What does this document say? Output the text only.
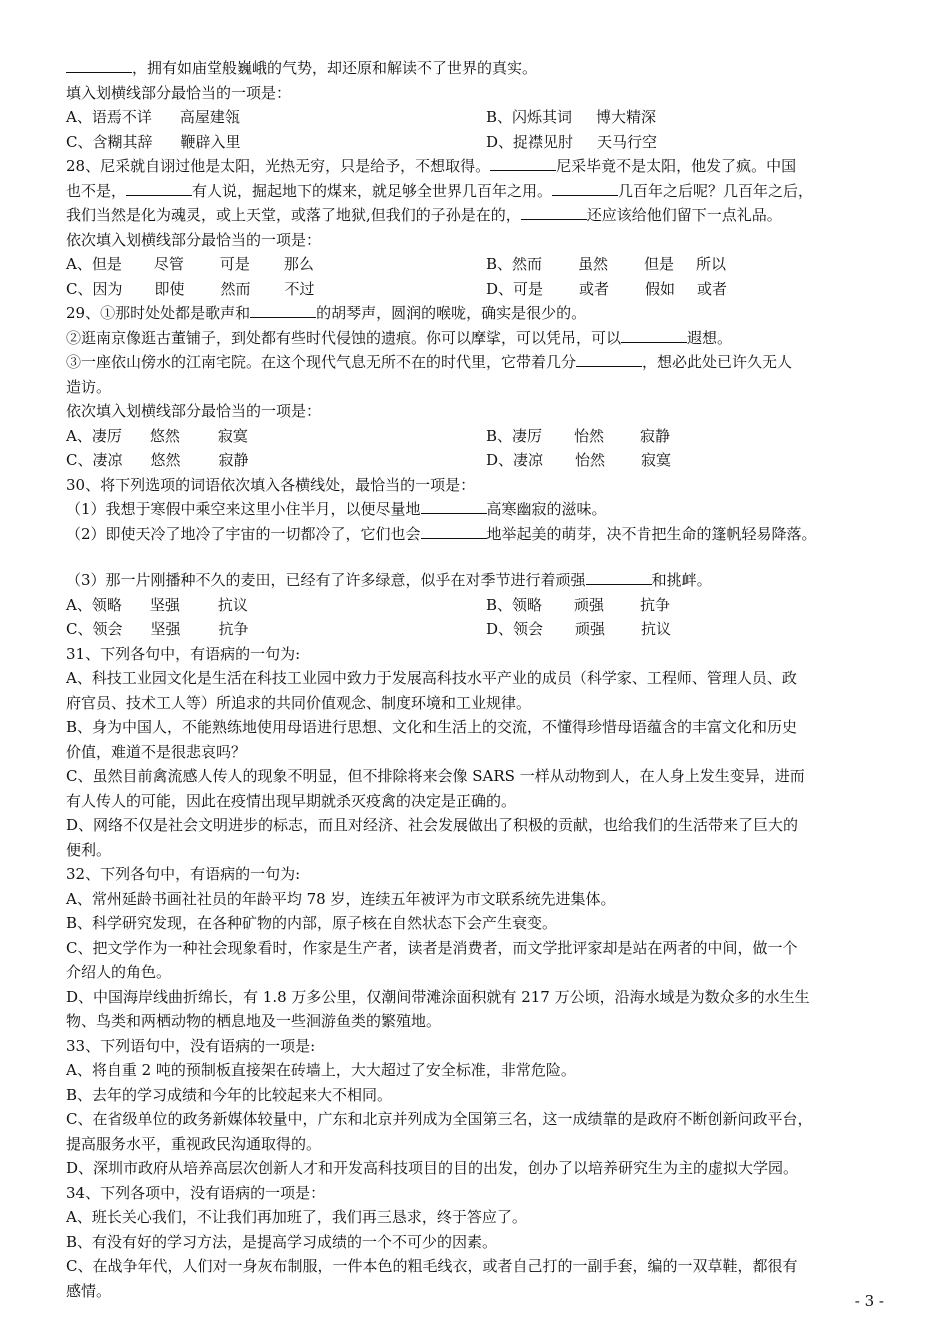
，拥有如庙堂般巍峨的气势，却还原和解读不了世界的真实。
填入划横线部分最恰当的一项是：
A、语焉不详 高屋建瓴	B、闪烁其词 博大精深
C、含糊其辞 鞭辟入里	D、捉襟见肘 天马行空
28、尼采就自诩过他是太阳，光热无穷，只是给予，不想取得。	尼采毕竟不是太阳，他发了疯。中国
也不是，	有人说，掘起地下的煤来，就足够全世界几百年之用。	几百年之后呢？几百年之后，
我们当然是化为魂灵，或上天堂，或落了地狱,但我们的子孙是在的，	还应该给他们留下一点礼品。
依次填入划横线部分最恰当的一项是：
A、但是 尽管 可是 那么	B、然而 虽然 但是 所以
C、因为 即使 然而 不过	D、可是 或者 假如 或者
29、①那时处处都是歌声和	的胡琴声，圆润的喉咙，确实是很少的。
②逛南京像逛古董铺子，到处都有些时代侵蚀的遗痕。你可以摩挲，可以凭吊，可以	遐想。
③一座依山傍水的江南宅院。在这个现代气息无所不在的时代里，它带着几分	，想必此处已许久无人
造访。
依次填入划横线部分最恰当的一项是：
A、凄厉 悠然	寂寞	B、凄厉 怡然 寂静
C、凄凉 悠然	寂静	D、凄凉 怡然 寂寞
30、将下列选项的词语依次填入各横线处，最恰当的一项是：
（1）我想于寒假中乘空来这里小住半月，以便尽量地	高寒幽寂的滋味。
（2）即使天冷了地冷了宇宙的一切都冷了，它们也会	地举起美的萌芽，决不肯把生命的篷帆轻易降落。
（3）那一片刚播种不久的麦田，已经有了许多绿意，似乎在对季节进行着顽强	和挑衅。
A、领略 坚强	抗议	B、领略 顽强 抗争
C、领会 坚强	抗争	D、领会 顽强 抗议
31、下列各句中，有语病的一句为:
A、科技工业园文化是生活在科技工业园中致力于发展高科技水平产业的成员（科学家、工程师、管理人员、政
府官员、技术工人等）所追求的共同价值观念、制度环境和工业规律。
B、身为中国人，不能熟练地使用母语进行思想、文化和生活上的交流，不懂得珍惜母语蕴含的丰富文化和历史
价值，难道不是很悲哀吗？
C、虽然目前禽流感人传人的现象不明显，但不排除将来会像 SARS 一样从动物到人，在人身上发生变异，进而
有人传人的可能，因此在疫情出现早期就杀灭疫禽的决定是正确的。
D、网络不仅是社会文明进步的标志，而且对经济、社会发展做出了积极的贡献，也给我们的生活带来了巨大的
便利。
32、下列各句中，有语病的一句为:
A、常州延龄书画社社员的年龄平均 78 岁，连续五年被评为市文联系统先进集体。
B、科学研究发现，在各种矿物的内部，原子核在自然状态下会产生衰变。
C、把文学作为一种社会现象看时，作家是生产者，读者是消费者，而文学批评家却是站在两者的中间，做一个
介绍人的角色。
D、中国海岸线曲折绵长，有 1.8 万多公里，仅潮间带滩涂面积就有 217 万公顷，沿海水域是为数众多的水生生
物、鸟类和两栖动物的栖息地及一些洄游鱼类的繁殖地。
33、下列语句中，没有语病的一项是:
A、将自重 2 吨的预制板直接架在砖墙上，大大超过了安全标准，非常危险。
B、去年的学习成绩和今年的比较起来大不相同。
C、在省级单位的政务新媒体较量中，广东和北京并列成为全国第三名，这一成绩靠的是政府不断创新问政平台，
提高服务水平，重视政民沟通取得的。
D、深圳市政府从培养高层次创新人才和开发高科技项目的目的出发，创办了以培养研究生为主的虚拟大学园。
34、下列各项中，没有语病的一项是：
A、班长关心我们，不让我们再加班了，我们再三恳求，终于答应了。
B、有没有好的学习方法，是提高学习成绩的一个不可少的因素。
C、在战争年代，人们对一身灰布制服，一件本色的粗毛线衣，或者自己打的一副手套，编的一双草鞋，都很有
感情。
- 3 -
